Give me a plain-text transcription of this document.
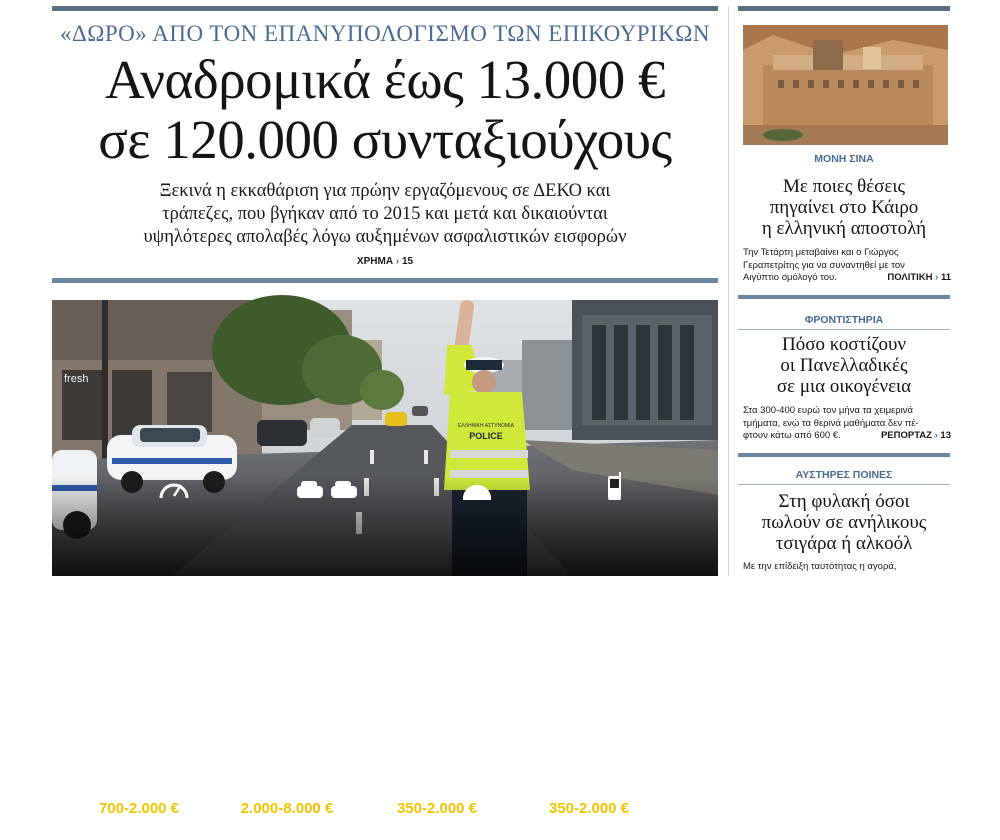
«ΔΩΡΟ» ΑΠΟ ΤΟΝ ΕΠΑΝΥΠΟΛΟΓΙΣΜΟ ΤΩΝ ΕΠΙΚΟΥΡΙΚΩΝ
Αναδρομικά έως 13.000 €
σε 120.000 συνταξιούχους
Ξεκινά η εκκαθάριση για πρώην εργαζόμενους σε ΔΕΚΟ και
τράπεζες, που βγήκαν από το 2015 και μετά και δικαιούνται
υψηλότερες απολαβές λόγω αυξημένων ασφαλιστικών εισφορών
ΧΡΗΜΑ › 15
Υπέρβαση ταχύτητας
700-2.000 €
60-365 μέρες
αφαίρεση άδειας
Κόντρες
2.000-8.000 €
1-4 έτη αφαίρεση
διπλώματος
Κράνος
350-2.000 €
30-365 μέρες
αφαίρεση άδειας
Χρήση κινητού
350-2.000 €
30-365 μέρες
αφαίρεση διπλώματος
ΕΛΛΗΝΙΚΗ ΑΣΤΥΝΟΜΙΑ
POLICE
fresh
ΜΟΝΗ ΣΙΝΑ
Με ποιες θέσεις
πηγαίνει στο Κάιρο
η ελληνική αποστολή
Την Τετάρτη μεταβαίνει και ο Γιώργος
Γεραπετρίτης για να συναντηθεί με τον
Αιγύπτιο ομόλογό του.	ΠΟΛΙΤΙΚΗ › 11
ΦΡΟΝΤΙΣΤΗΡΙΑ
Πόσο κοστίζουν
οι Πανελλαδικές
σε μια οικογένεια
Στα 300-400 ευρώ τον μήνα τα χειμερινά
τμήματα, ενώ τα θερινά μαθήματα δεν πέ-
φτουν κάτω από 600 €.	ΡΕΠΟΡΤΑΖ › 13
ΑΥΣΤΗΡΕΣ ΠΟΙΝΕΣ
Στη φυλακή όσοι
πωλούν σε ανήλικους
τσιγάρα ή αλκοόλ
Με την επίδειξη ταυτότητας η αγορά,
